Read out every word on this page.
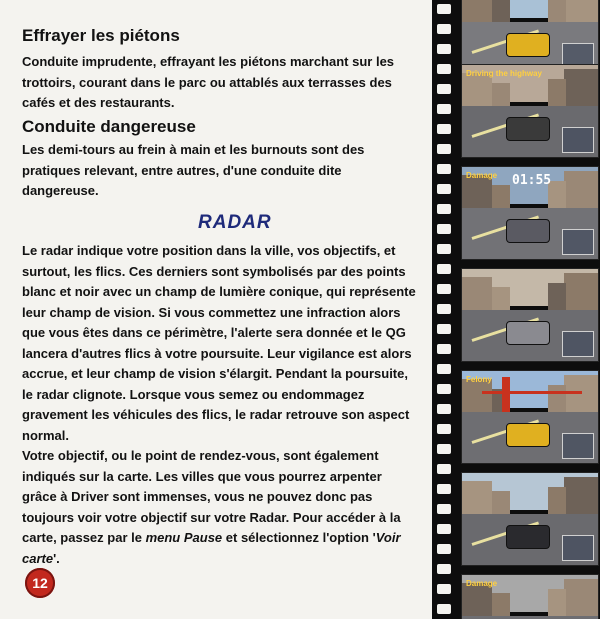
Effrayer les piétons

Conduite imprudente, effrayant les piétons marchant sur les trottoirs, courant dans le parc ou attablés aux terrasses des cafés et des restaurants.

Conduite dangereuse

Les demi-tours au frein à main et les burnouts sont des pratiques relevant, entre autres, d'une conduite dite dangereuse.

RADAR

Le radar indique votre position dans la ville, vos objectifs, et surtout, les flics. Ces derniers sont symbolisés par des points blanc et noir avec un champ de lumière conique, qui représente leur champ de vision. Si vous commettez une infraction alors que vous êtes dans ce périmètre, l'alerte sera donnée et le QG lancera d'autres flics à votre poursuite. Leur vigilance est alors accrue, et leur champ de vision s'élargit. Pendant la poursuite, le radar clignote. Lorsque vous semez ou endommagez gravement les véhicules des flics, le radar retrouve son aspect normal.

Votre objectif, ou le point de rendez-vous, sont également indiqués sur la carte. Les villes que vous pourrez arpenter grâce à Driver sont immenses, vous ne pouvez donc pas toujours voir votre objectif sur votre Radar. Pour accéder à la carte, passez par le menu Pause et sélectionnez l'option 'Voir carte'.

12
Driving the highway
Damage 01:55
Felony
Damage
